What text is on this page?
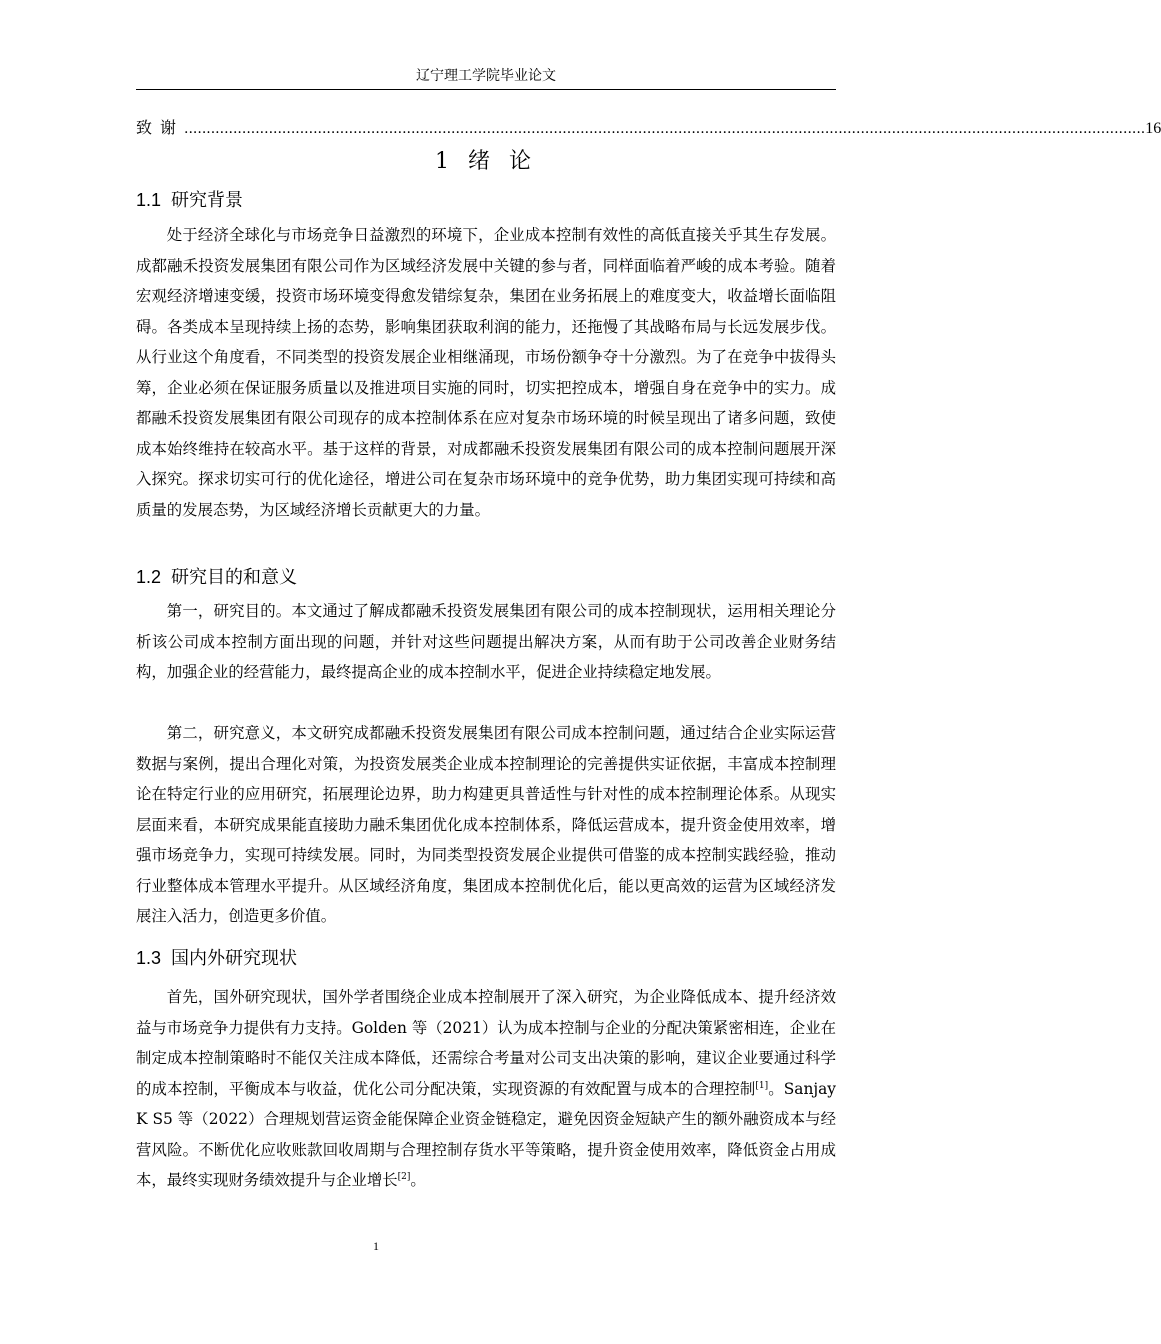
辽宁理工学院毕业论文
致谢 ........................................................................................................................................................................................................................ 16
1 绪 论
1.1 研究背景

处于经济全球化与市场竞争日益激烈的环境下，企业成本控制有效性的高低直接关乎其生存发展。成都融禾投资发展集团有限公司作为区域经济发展中关键的参与者，同样面临着严峻的成本考验。随着宏观经济增速变缓，投资市场环境变得愈发错综复杂，集团在业务拓展上的难度变大，收益增长面临阻碍。各类成本呈现持续上扬的态势，影响集团获取利润的能力，还拖慢了其战略布局与长远发展步伐。从行业这个角度看，不同类型的投资发展企业相继涌现，市场份额争夺十分激烈。为了在竞争中拔得头筹，企业必须在保证服务质量以及推进项目实施的同时，切实把控成本，增强自身在竞争中的实力。成都融禾投资发展集团有限公司现存的成本控制体系在应对复杂市场环境的时候呈现出了诸多问题，致使成本始终维持在较高水平。基于这样的背景，对成都融禾投资发展集团有限公司的成本控制问题展开深入探究。探求切实可行的优化途径，增进公司在复杂市场环境中的竞争优势，助力集团实现可持续和高质量的发展态势，为区域经济增长贡献更大的力量。

1.2 研究目的和意义

第一，研究目的。本文通过了解成都融禾投资发展集团有限公司的成本控制现状，运用相关理论分析该公司成本控制方面出现的问题，并针对这些问题提出解决方案，从而有助于公司改善企业财务结构，加强企业的经营能力，最终提高企业的成本控制水平，促进企业持续稳定地发展。

第二，研究意义，本文研究成都融禾投资发展集团有限公司成本控制问题，通过结合企业实际运营数据与案例，提出合理化对策，为投资发展类企业成本控制理论的完善提供实证依据，丰富成本控制理论在特定行业的应用研究，拓展理论边界，助力构建更具普适性与针对性的成本控制理论体系。从现实层面来看，本研究成果能直接助力融禾集团优化成本控制体系，降低运营成本，提升资金使用效率，增强市场竞争力，实现可持续发展。同时，为同类型投资发展企业提供可借鉴的成本控制实践经验，推动行业整体成本管理水平提升。从区域经济角度，集团成本控制优化后，能以更高效的运营为区域经济发展注入活力，创造更多价值。

1.3 国内外研究现状

首先，国外研究现状，国外学者围绕企业成本控制展开了深入研究，为企业降低成本、提升经济效益与市场竞争力提供有力支持。Golden 等（2021）认为成本控制与企业的分配决策紧密相连，企业在制定成本控制策略时不能仅关注成本降低，还需综合考量对公司支出决策的影响，建议企业要通过科学的成本控制，平衡成本与收益，优化公司分配决策，实现资源的有效配置与成本的合理控制[1]。Sanjay K S5 等（2022）合理规划营运资金能保障企业资金链稳定，避免因资金短缺产生的额外融资成本与经营风险。不断优化应收账款回收周期与合理控制存货水平等策略，提升资金使用效率，降低资金占用成本，最终实现财务绩效提升与企业增长[2]。

1
